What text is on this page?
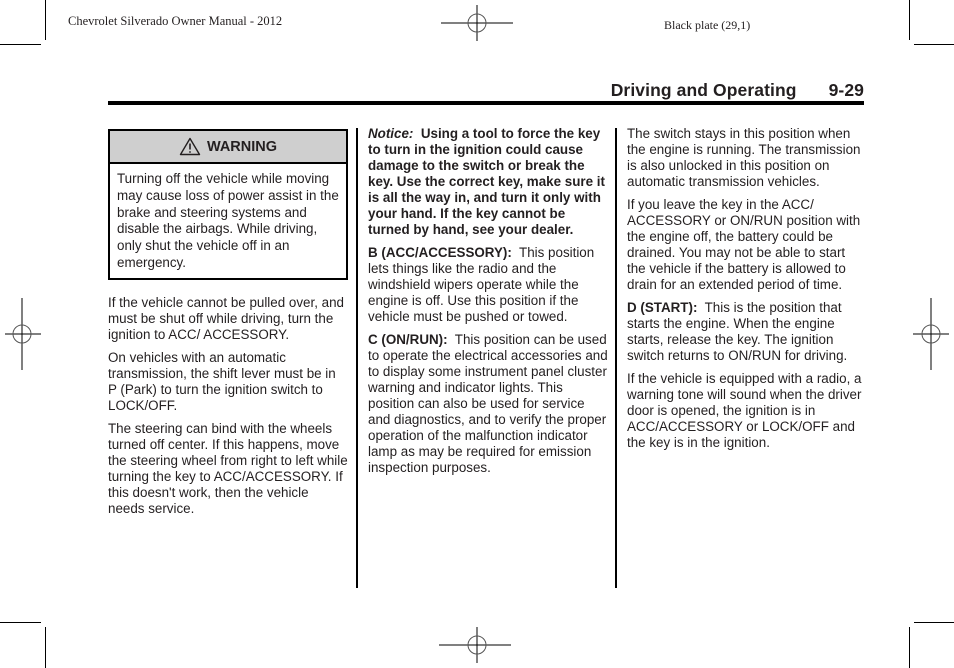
Chevrolet Silverado Owner Manual - 2012	Black plate (29,1)
Driving and Operating 9-29
WARNING
Turning off the vehicle while moving may cause loss of power assist in the brake and steering systems and disable the airbags. While driving, only shut the vehicle off in an emergency.

If the vehicle cannot be pulled over, and must be shut off while driving, turn the ignition to ACC/ ACCESSORY.

On vehicles with an automatic transmission, the shift lever must be in P (Park) to turn the ignition switch to LOCK/OFF.

The steering can bind with the wheels turned off center. If this happens, move the steering wheel from right to left while turning the key to ACC/ACCESSORY. If this doesn't work, then the vehicle needs service.

Notice: Using a tool to force the key to turn in the ignition could cause damage to the switch or break the key. Use the correct key, make sure it is all the way in, and turn it only with your hand. If the key cannot be turned by hand, see your dealer.

B (ACC/ACCESSORY): This position lets things like the radio and the windshield wipers operate while the engine is off. Use this position if the vehicle must be pushed or towed.

C (ON/RUN): This position can be used to operate the electrical accessories and to display some instrument panel cluster warning and indicator lights. This position can also be used for service and diagnostics, and to verify the proper operation of the malfunction indicator lamp as may be required for emission inspection purposes.

The switch stays in this position when the engine is running. The transmission is also unlocked in this position on automatic transmission vehicles.

If you leave the key in the ACC/ ACCESSORY or ON/RUN position with the engine off, the battery could be drained. You may not be able to start the vehicle if the battery is allowed to drain for an extended period of time.

D (START): This is the position that starts the engine. When the engine starts, release the key. The ignition switch returns to ON/RUN for driving.

If the vehicle is equipped with a radio, a warning tone will sound when the driver door is opened, the ignition is in ACC/ACCESSORY or LOCK/OFF and the key is in the ignition.
